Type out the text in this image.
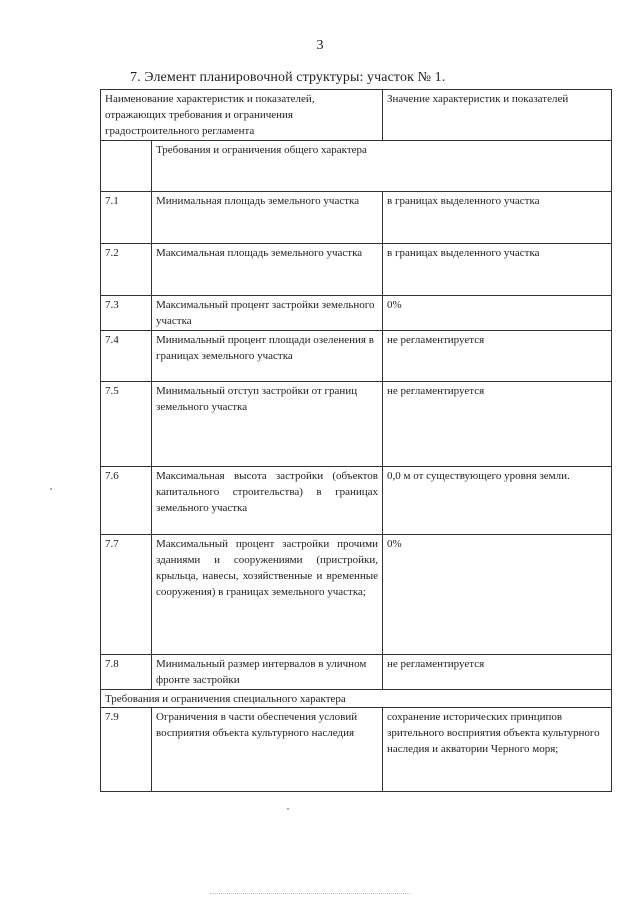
3
7. Элемент планировочной структуры: участок № 1.
Наименование характеристик и показателей, отражающих требования и ограничения градостроительного регламента		Значение характеристик и показателей
	Требования и ограничения общего характера	
7.1	Минимальная площадь земельного участка	в границах выделенного участка
7.2	Максимальная площадь земельного участка	в границах выделенного участка
7.3	Максимальный процент застройки земельного участка	0%
7.4	Минимальный процент площади озеленения в границах земельного участка	не регламентируется
7.5	Минимальный отступ застройки от границ земельного участка	не регламентируется
7.6	Максимальная высота застройки (объектов капитального строительства) в границах земельного участка	0,0 м от существующего уровня земли.
7.7	Максимальный процент застройки прочими зданиями и сооружениями (пристройки, крыльца, навесы, хозяйственные и временные сооружения) в границах земельного участка;	0%
7.8	Минимальный размер интервалов в уличном фронте застройки	не регламентируется
Требования и ограничения специального характера		
7.9	Ограничения в части обеспечения условий восприятия объекта культурного наследия	сохранение исторических принципов зрительного восприятия объекта культурного наследия и акватории Черного моря;
